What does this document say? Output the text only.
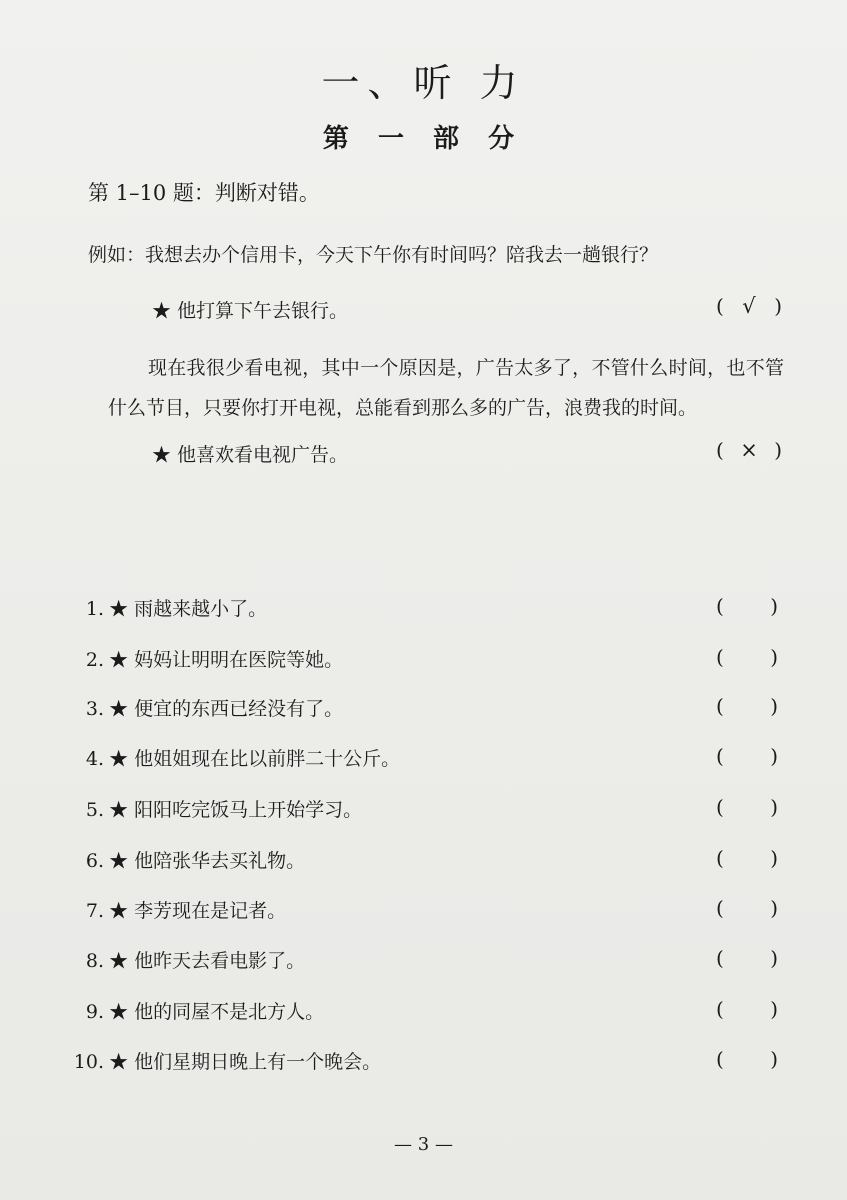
一、听 力
第 一 部 分
第 1–10 题：判断对错。
例如：我想去办个信用卡，今天下午你有时间吗？陪我去一趟银行？
★ 他打算下午去银行。	( √ )
现在我很少看电视，其中一个原因是，广告太多了，不管什么时间，也不管什么节目，只要你打开电视，总能看到那么多的广告，浪费我的时间。
★ 他喜欢看电视广告。	( × )
1. ★ 雨越来越小了。
2. ★ 妈妈让明明在医院等她。
3. ★ 便宜的东西已经没有了。
4. ★ 他姐姐现在比以前胖二十公斤。
5. ★ 阳阳吃完饭马上开始学习。
6. ★ 他陪张华去买礼物。
7. ★ 李芳现在是记者。
8. ★ 他昨天去看电影了。
9. ★ 他的同屋不是北方人。
10. ★ 他们星期日晚上有一个晚会。
( )
( )
( )
( )
( )
( )
( )
( )
( )
( )
— 3 —
